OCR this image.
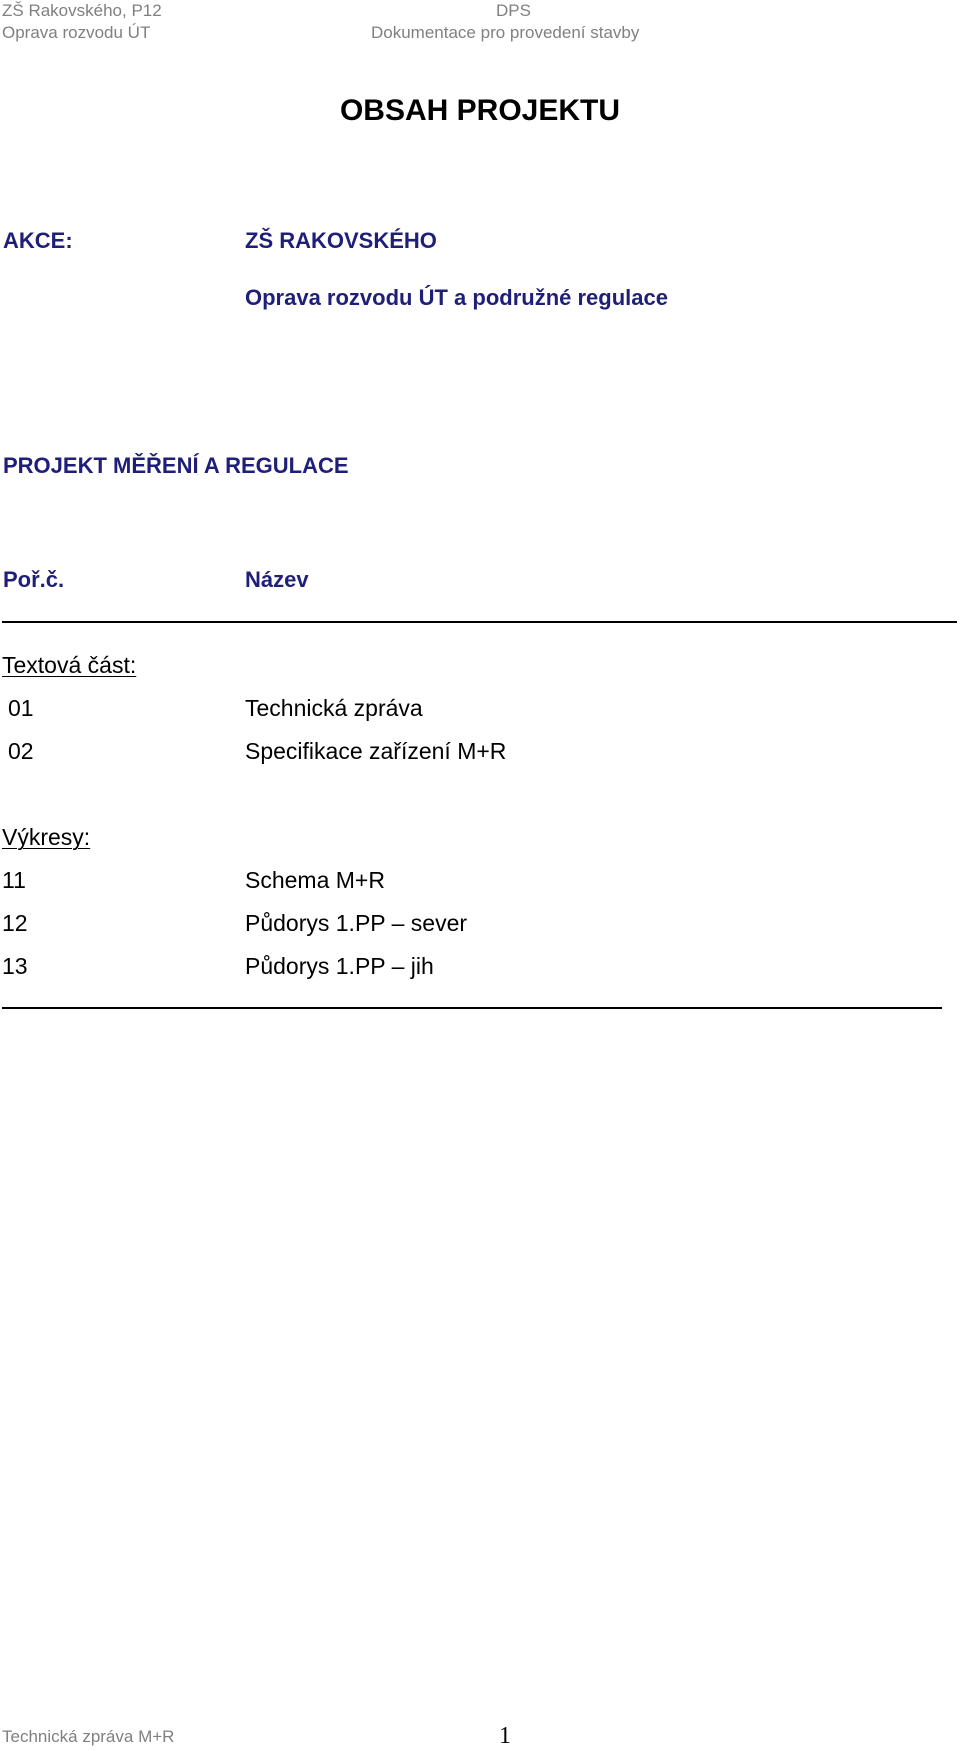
ZŠ Rakovského, P12
Oprava rozvodu ÚT
DPS
Dokumentace pro provedení stavby
OBSAH PROJEKTU
AKCE:	ZŠ RAKOVSKÉHO
Oprava rozvodu ÚT a podružné regulace
PROJEKT MĚŘENÍ A REGULACE
Poř.č.	Název
Textová část:
01	Technická zpráva
02	Specifikace zařízení M+R
Výkresy:
11	Schema M+R
12	Půdorys 1.PP – sever
13	Půdorys 1.PP – jih
Technická zpráva M+R	1
